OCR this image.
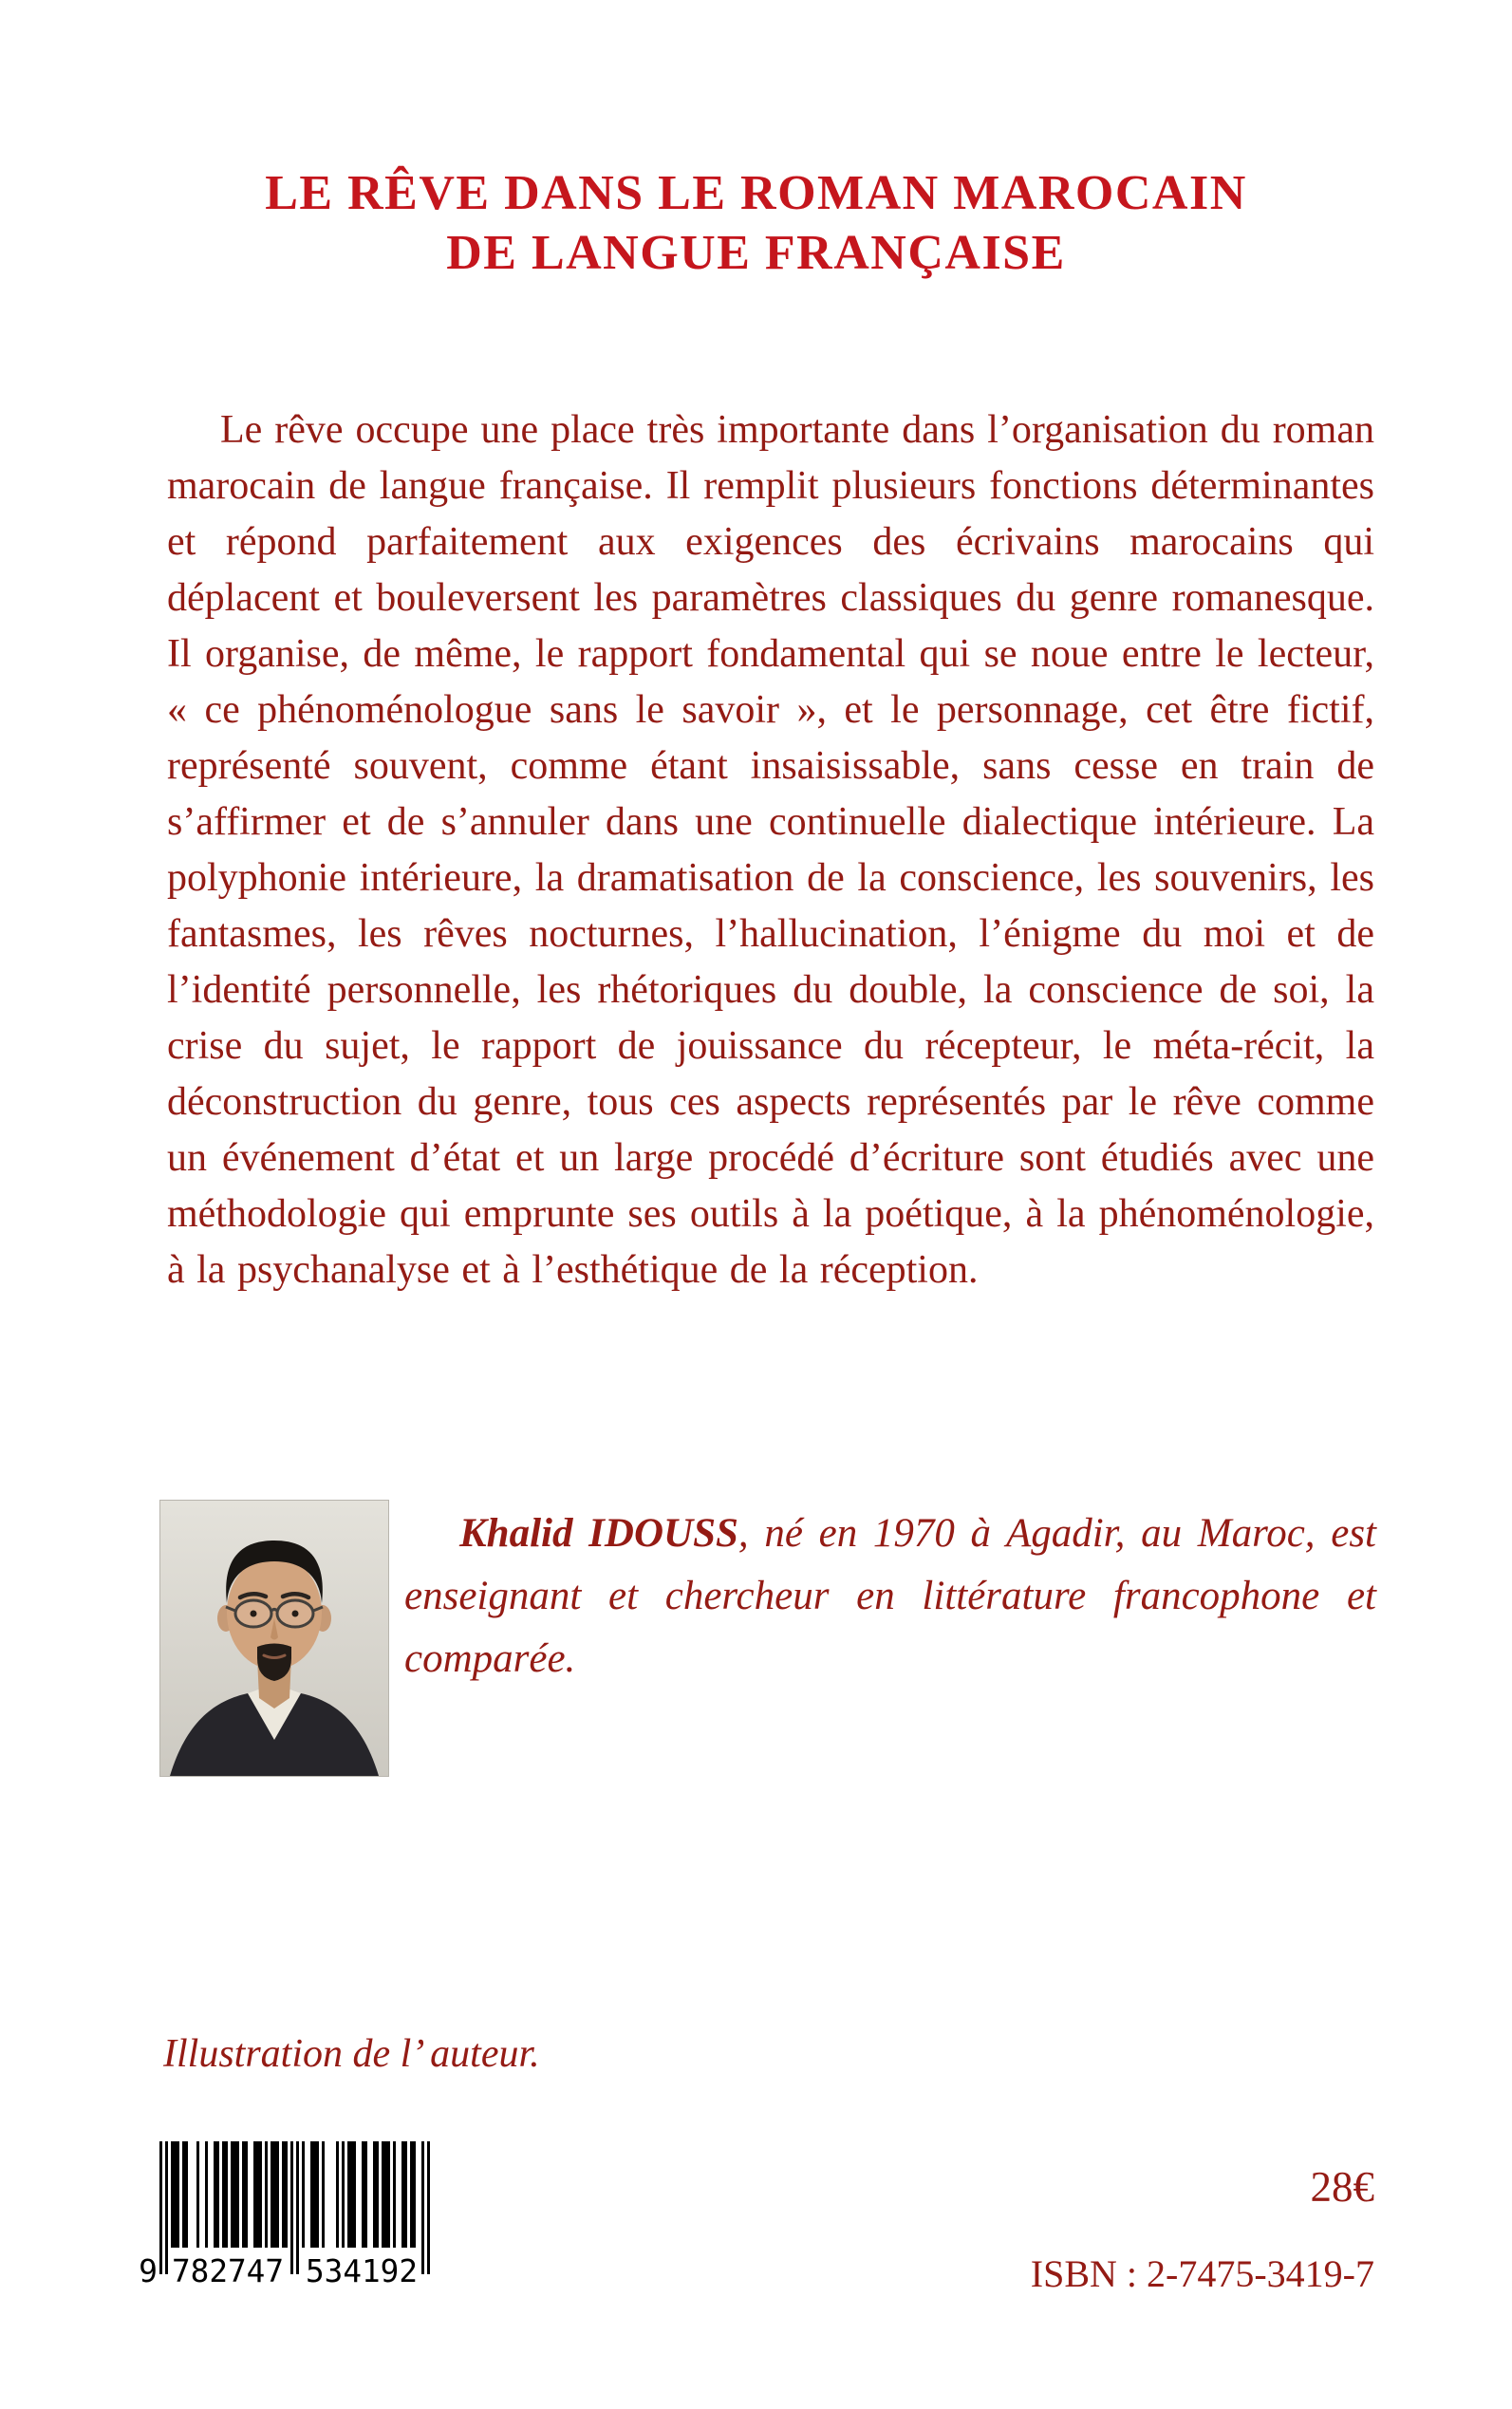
LE RÊVE DANS LE ROMAN MAROCAIN
DE LANGUE FRANÇAISE

Le rêve occupe une place très importante dans l’organisation du roman marocain de langue française. Il remplit plusieurs fonctions déterminantes et répond parfaitement aux exigences des écrivains marocains qui déplacent et bouleversent les paramètres classiques du genre romanesque. Il organise, de même, le rapport fondamental qui se noue entre le lecteur, « ce phénoménologue sans le savoir », et le personnage, cet être fictif, représenté souvent, comme étant insaisissable, sans cesse en train de s’affirmer et de s’annuler dans une continuelle dialectique intérieure. La polyphonie intérieure, la dramatisation de la conscience, les souvenirs, les fantasmes, les rêves nocturnes, l’hallucination, l’énigme du moi et de l’identité personnelle, les rhétoriques du double, la conscience de soi, la crise du sujet, le rapport de jouissance du récepteur, le méta-récit, la déconstruction du genre, tous ces aspects représentés par le rêve comme un événement d’état et un large procédé d’écriture sont étudiés avec une méthodologie qui emprunte ses outils à la poétique, à la phénoménologie, à la psychanalyse et à l’esthétique de la réception.

Khalid IDOUSS, né en 1970 à Agadir, au Maroc, est enseignant et chercheur en littérature francophone et comparée.

Illustration de l’ auteur.

9 782747 534192

28€

ISBN : 2-7475-3419-7
